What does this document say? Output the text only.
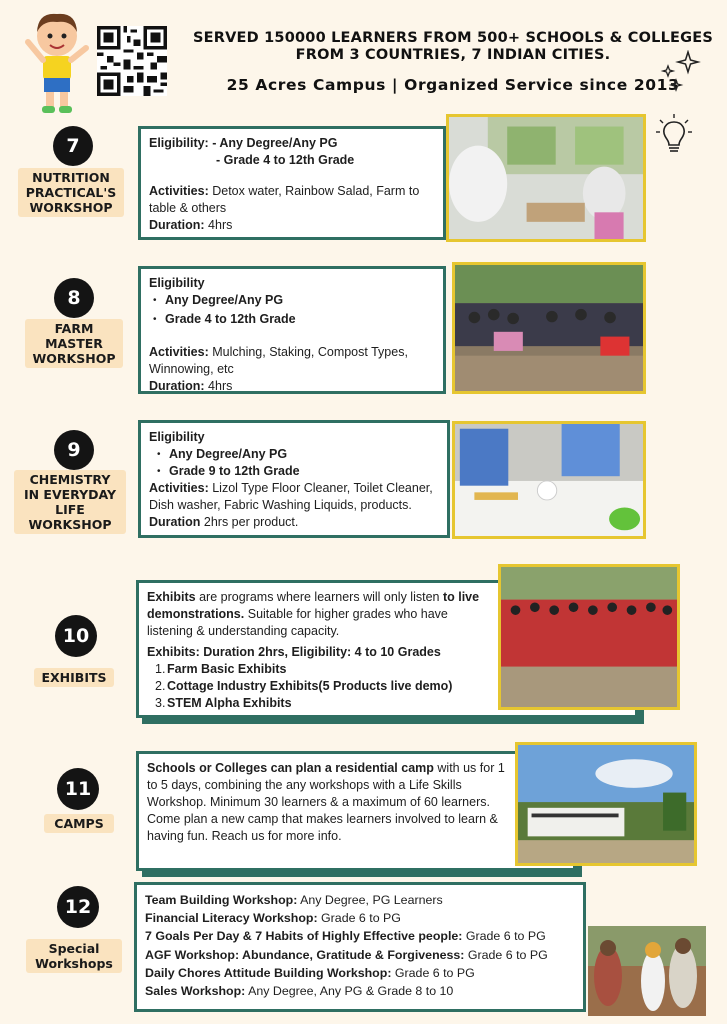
SERVED 150000 LEARNERS FROM 500+ SCHOOLS & COLLEGES
FROM 3 COUNTRIES, 7 INDIAN CITIES.
25 Acres Campus | Organized Service since 2013
7
NUTRITION
PRACTICAL'S
WORKSHOP
Eligibility: - Any Degree/Any PG
- Grade 4 to 12th Grade
Activities: Detox water, Rainbow Salad, Farm to table & others
Duration: 4hrs
8
FARM
MASTER
WORKSHOP
Eligibility
• Any Degree/Any PG
• Grade 4 to 12th Grade
Activities: Mulching, Staking, Compost Types, Winnowing, etc
Duration: 4hrs
9
CHEMISTRY
IN EVERYDAY
LIFE
WORKSHOP
Eligibility
• Any Degree/Any PG
• Grade 9 to 12th Grade
Activities: Lizol Type Floor Cleaner, Toilet Cleaner, Dish washer, Fabric Washing Liquids, products. Duration 2hrs per product.
10
EXHIBITS
Exhibits are programs where learners will only listen to live demonstrations. Suitable for higher grades who have listening & understanding capacity.
Exhibits: Duration 2hrs, Eligibility: 4 to 10 Grades
1. Farm Basic Exhibits
2. Cottage Industry Exhibits(5 Products live demo)
3. STEM Alpha Exhibits
11
CAMPS
Schools or Colleges can plan a residential camp with us for 1 to 5 days, combining the any workshops with a Life Skills Workshop. Minimum 30 learners & a maximum of 60 learners. Come plan a new camp that makes learners involved to learn & having fun. Reach us for more info.
12
Special
Workshops
Team Building Workshop: Any Degree, PG Learners
Financial Literacy Workshop: Grade 6 to PG
7 Goals Per Day & 7 Habits of Highly Effective people: Grade 6 to PG
AGF Workshop: Abundance, Gratitude & Forgiveness: Grade 6 to PG
Daily Chores Attitude Building Workshop: Grade 6 to PG
Sales Workshop: Any Degree, Any PG & Grade 8 to 10
